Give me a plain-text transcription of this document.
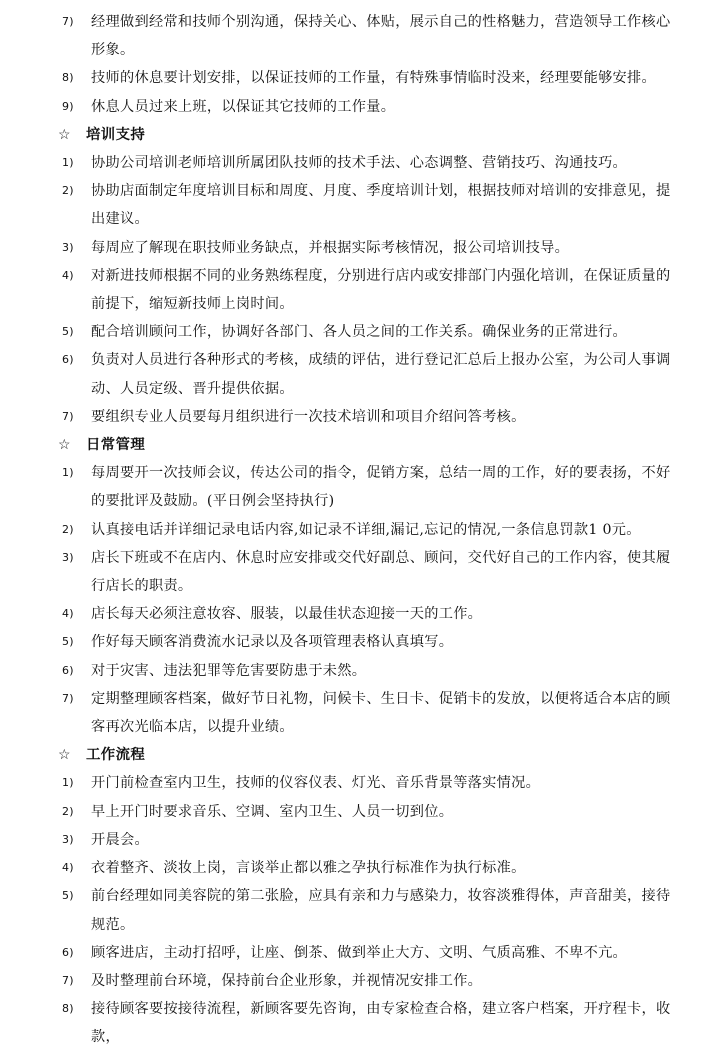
7) 经理做到经常和技师个别沟通，保持关心、体贴，展示自己的性格魅力，营造领导工作核心形象。
8) 技师的休息要计划安排，以保证技师的工作量，有特殊事情临时没来，经理要能够安排。
9) 休息人员过来上班，以保证其它技师的工作量。
☆ 培训支持
1) 协助公司培训老师培训所属团队技师的技术手法、心态调整、营销技巧、沟通技巧。
2) 协助店面制定年度培训目标和周度、月度、季度培训计划，根据技师对培训的安排意见，提出建议。
3) 每周应了解现在职技师业务缺点，并根据实际考核情况，报公司培训技导。
4) 对新进技师根据不同的业务熟练程度，分别进行店内或安排部门内强化培训，在保证质量的前提下，缩短新技师上岗时间。
5) 配合培训顾问工作，协调好各部门、各人员之间的工作关系。确保业务的正常进行。
6) 负责对人员进行各种形式的考核，成绩的评估，进行登记汇总后上报办公室，为公司人事调动、人员定级、晋升提供依据。
7) 要组织专业人员要每月组织进行一次技术培训和项目介绍问答考核。
☆ 日常管理
1) 每周要开一次技师会议，传达公司的指令，促销方案，总结一周的工作，好的要表扬，不好的要批评及鼓励。(平日例会坚持执行)
2) 认真接电话并详细记录电话内容,如记录不详细,漏记,忘记的情况,一条信息罚款1 0元。
3) 店长下班或不在店内、休息时应安排或交代好副总、顾问，交代好自己的工作内容，使其履行店长的职责。
4) 店长每天必须注意妆容、服装，以最佳状态迎接一天的工作。
5) 作好每天顾客消费流水记录以及各项管理表格认真填写。
6) 对于灾害、违法犯罪等危害要防患于未然。
7) 定期整理顾客档案，做好节日礼物，问候卡、生日卡、促销卡的发放，以便将适合本店的顾客再次光临本店，以提升业绩。
☆ 工作流程
1) 开门前检查室内卫生，技师的仪容仪表、灯光、音乐背景等落实情况。
2) 早上开门时要求音乐、空调、室内卫生、人员一切到位。
3) 开晨会。
4) 衣着整齐、淡妆上岗，言谈举止都以雅之孕执行标准作为执行标准。
5) 前台经理如同美容院的第二张脸，应具有亲和力与感染力，妆容淡雅得体，声音甜美，接待规范。
6) 顾客进店，主动打招呼，让座、倒茶、做到举止大方、文明、气质高雅、不卑不亢。
7) 及时整理前台环境，保持前台企业形象，并视情况安排工作。
8) 接待顾客要按接待流程，新顾客要先咨询，由专家检查合格，建立客户档案，开疗程卡，收款，
